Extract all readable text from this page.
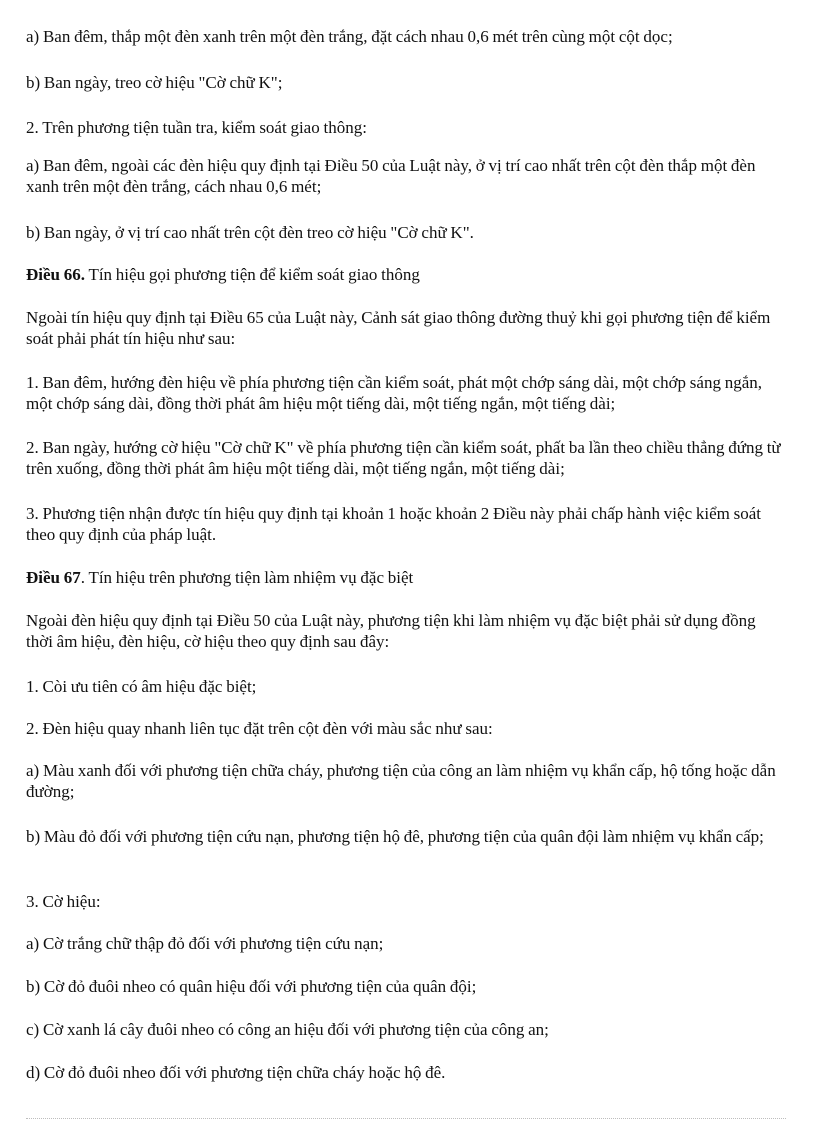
a) Ban đêm, thắp một đèn xanh trên một đèn trắng, đặt cách nhau 0,6 mét trên cùng một cột dọc;

b) Ban ngày, treo cờ hiệu "Cờ chữ K";

2. Trên phương tiện tuần tra, kiểm soát giao thông:

a) Ban đêm, ngoài các đèn hiệu quy định tại Điều 50 của Luật này, ở vị trí cao nhất trên cột đèn thắp một đèn xanh trên một đèn trắng, cách nhau 0,6 mét;

b) Ban ngày, ở vị trí cao nhất trên cột đèn treo cờ hiệu "Cờ chữ K".

Điều 66. Tín hiệu gọi phương tiện để kiểm soát giao thông

Ngoài tín hiệu quy định tại Điều 65 của Luật này, Cảnh sát giao thông đường thuỷ khi gọi phương tiện để kiểm soát phải phát tín hiệu như sau:

1. Ban đêm, hướng đèn hiệu về phía phương tiện cần kiểm soát, phát một chớp sáng dài, một chớp sáng ngắn, một chớp sáng dài, đồng thời phát âm hiệu một tiếng dài, một tiếng ngắn, một tiếng dài;

2. Ban ngày, hướng cờ hiệu "Cờ chữ K" về phía phương tiện cần kiểm soát, phất ba lần theo chiều thẳng đứng từ trên xuống, đồng thời phát âm hiệu một tiếng dài, một tiếng ngắn, một tiếng dài;

3. Phương tiện nhận được tín hiệu quy định tại khoản 1 hoặc khoản 2 Điều này phải chấp hành việc kiểm soát theo quy định của pháp luật.

Điều 67. Tín hiệu trên phương tiện làm nhiệm vụ đặc biệt

Ngoài đèn hiệu quy định tại Điều 50 của Luật này, phương tiện khi làm nhiệm vụ đặc biệt phải sử dụng đồng thời âm hiệu, đèn hiệu, cờ hiệu theo quy định sau đây:

1. Còi ưu tiên có âm hiệu đặc biệt;

2. Đèn hiệu quay nhanh liên tục đặt trên cột đèn với màu sắc như sau:

a) Màu xanh đối với phương tiện chữa cháy, phương tiện của công an làm nhiệm vụ khẩn cấp, hộ tống hoặc dẫn đường;

b) Màu đỏ đối với phương tiện cứu nạn, phương tiện hộ đê, phương tiện của quân đội làm nhiệm vụ khẩn cấp;

3. Cờ hiệu:

a) Cờ trắng chữ thập đỏ đối với phương tiện cứu nạn;

b) Cờ đỏ đuôi nheo có quân hiệu đối với phương tiện của quân đội;

c) Cờ xanh lá cây đuôi nheo có công an hiệu đối với phương tiện của công an;

d) Cờ đỏ đuôi nheo đối với phương tiện chữa cháy hoặc hộ đê.
